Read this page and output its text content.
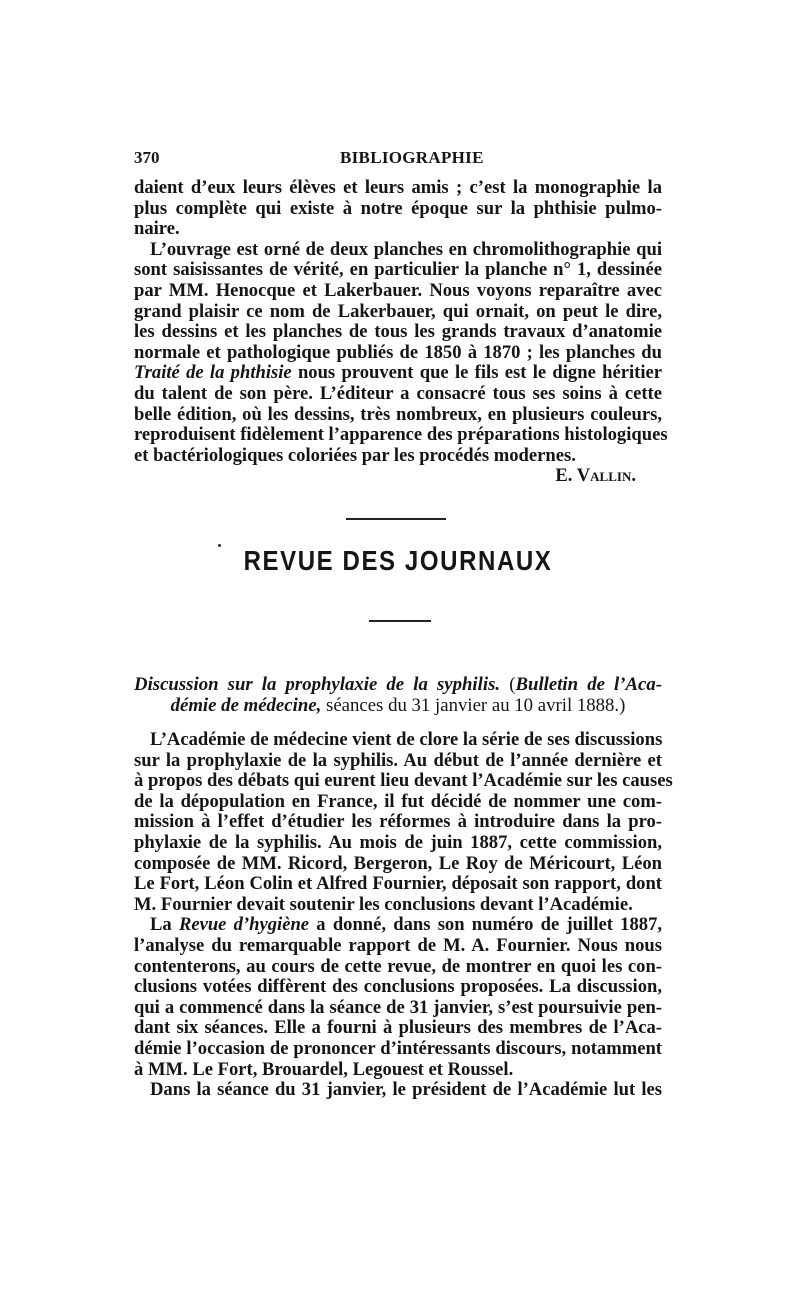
370	BIBLIOGRAPHIE
daient d’eux leurs élèves et leurs amis ; c’est la monographie la
plus complète qui existe à notre époque sur la phthisie pulmo-
naire.
L’ouvrage est orné de deux planches en chromolithographie qui
sont saisissantes de vérité, en particulier la planche n° 1, dessinée
par MM. Henocque et Lakerbauer. Nous voyons reparaître avec
grand plaisir ce nom de Lakerbauer, qui ornait, on peut le dire,
les dessins et les planches de tous les grands travaux d’anatomie
normale et pathologique publiés de 1850 à 1870 ; les planches du
Traité de la phthisie nous prouvent que le fils est le digne héritier
du talent de son père. L’éditeur a consacré tous ses soins à cette
belle édition, où les dessins, très nombreux, en plusieurs couleurs,
reproduisent fidèlement l’apparence des préparations histologiques
et bactériologiques coloriées par les procédés modernes.
E. Vallin.
REVUE DES JOURNAUX
Discussion sur la prophylaxie de la syphilis. (Bulletin de l’Aca-
démie de médecine, séances du 31 janvier au 10 avril 1888.)
L’Académie de médecine vient de clore la série de ses discussions
sur la prophylaxie de la syphilis. Au début de l’année dernière et
à propos des débats qui eurent lieu devant l’Académie sur les causes
de la dépopulation en France, il fut décidé de nommer une com-
mission à l’effet d’étudier les réformes à introduire dans la pro-
phylaxie de la syphilis. Au mois de juin 1887, cette commission,
composée de MM. Ricord, Bergeron, Le Roy de Méricourt, Léon
Le Fort, Léon Colin et Alfred Fournier, déposait son rapport, dont
M. Fournier devait soutenir les conclusions devant l’Académie.
La Revue d’hygiène a donné, dans son numéro de juillet 1887,
l’analyse du remarquable rapport de M. A. Fournier. Nous nous
contenterons, au cours de cette revue, de montrer en quoi les con-
clusions votées diffèrent des conclusions proposées. La discussion,
qui a commencé dans la séance de 31 janvier, s’est poursuivie pen-
dant six séances. Elle a fourni à plusieurs des membres de l’Aca-
démie l’occasion de prononcer d’intéressants discours, notamment
à MM. Le Fort, Brouardel, Legouest et Roussel.
Dans la séance du 31 janvier, le président de l’Académie lut les
